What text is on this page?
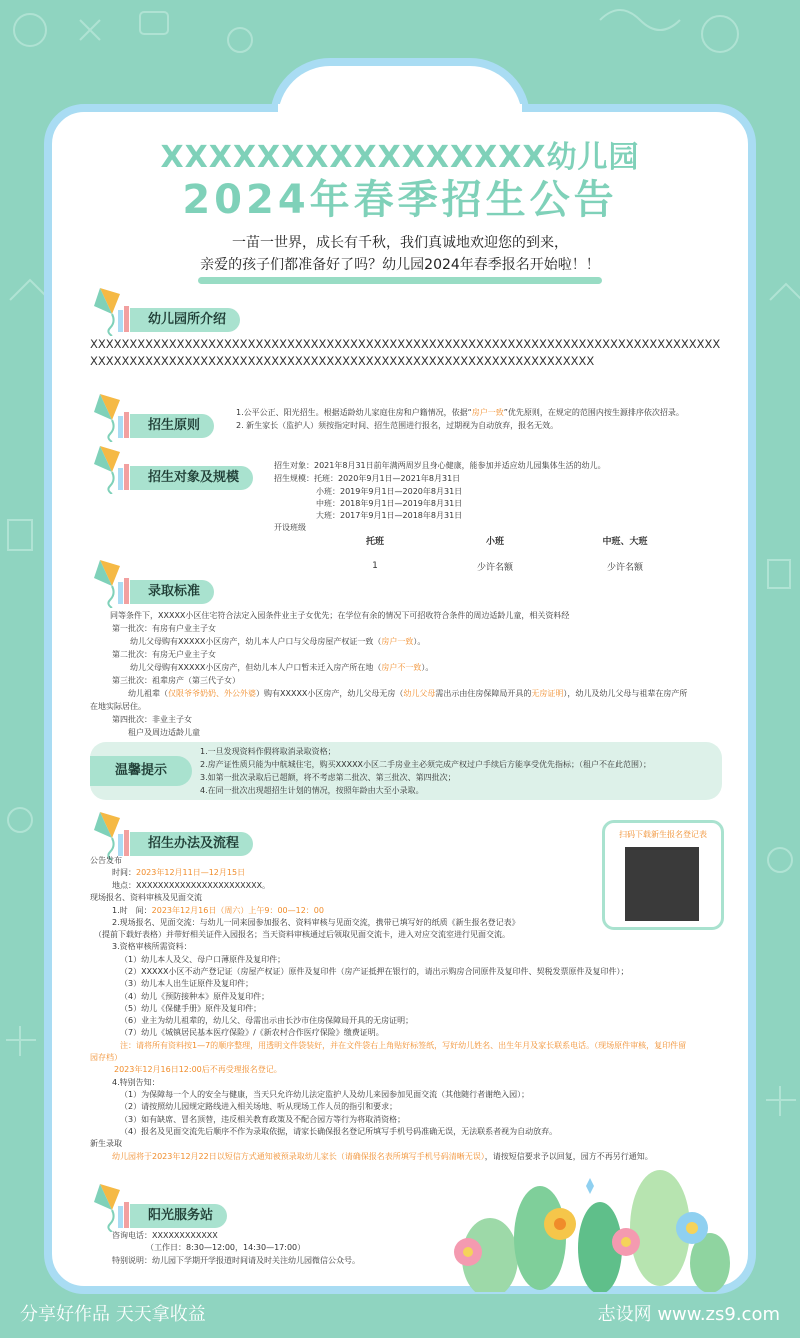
XXXXXXXXXXXXXXXX幼儿园
2024年春季招生公告
一苗一世界，成长有千秋，我们真诚地欢迎您的到来，
亲爱的孩子们都准备好了吗？幼儿园2024年春季报名开始啦！！
幼儿园所介绍
XXXXXXXXXXXXXXXXXXXXXXXXXXXXXXXXXXXXXXXXXXXXXXXXXXXXXXXXXXXXXXXXXXXXXXXXXXXXXXXXXXXXXXXXXXXXXXXXXXXXXXXXXXXXXXXXXXXXXXXXXXXXXXXXXXXXXXXXXXXXXXXX
招生原则
1.公平公正、阳光招生。根据适龄幼儿家庭住房和户籍情况，依据“房户一致”优先原则，在规定的范围内按生源排序依次招录。
2. 新生家长（监护人）须按指定时间、招生范围进行报名，过期视为自动放弃，报名无效。
招生对象及规模
招生对象：2021年8月31日前年满两周岁且身心健康，能参加并适应幼儿园集体生活的幼儿。
招生规模：托班：2020年9月1日—2021年8月31日
小班：2019年9月1日—2020年8月31日
中班：2018年9月1日—2019年8月31日
大班：2017年9月1日—2018年8月31日
开设班级
托班	小班	中班、大班
1	少许名额	少许名额
录取标准
同等条件下，XXXXX小区住宅符合法定入园条件业主子女优先；在学位有余的情况下可招收符合条件的周边适龄儿童，相关资料经
第一批次：有房有户业主子女
幼儿父母购有XXXXX小区房产，幼儿本人户口与父母房屋产权证一致（房户一致）。
第二批次：有房无户业主子女
幼儿父母购有XXXXX小区房产，但幼儿本人户口暂未迁入房产所在地（房户不一致）。
第三批次：祖辈房产（第三代子女）
幼儿祖辈（仅限爷爷奶奶、外公外婆）购有XXXXX小区房产，幼儿父母无房（幼儿父母需出示由住房保障局开具的无房证明），幼儿及幼儿父母与祖辈在房产所
在地实际居住。
第四批次：非业主子女
租户及周边适龄儿童
温馨提示
1.一旦发现资料作假将取消录取资格；
2.房产证性质只能为中航城住宅，购买XXXXX小区二手房业主必须完成产权过户手续后方能享受优先指标；（租户不在此范围）；
3.如第一批次录取后已超额，将不考虑第二批次、第三批次、第四批次；
4.在同一批次出现超招生计划的情况，按照年龄由大至小录取。
招生办法及流程
扫码下载新生报名登记表
公告发布
时间：2023年12月11日—12月15日
地点：XXXXXXXXXXXXXXXXXXXXXXX。
现场报名、资料审核及见面交流
1.时　间：2023年12月16日（周六）上午9：00—12：00
2.现场报名、见面交流：与幼儿一同来园参加报名、资料审核与见面交流，携带已填写好的纸质《新生报名登记表》
（提前下载好表格）并带好相关证件入园报名；当天资料审核通过后领取见面交流卡，进入对应交流室进行见面交流。
3.资格审核所需资料：
（1）幼儿本人及父、母户口薄原件及复印件；
（2）XXXXX小区不动产登记证（房屋产权证）原件及复印件（房产证抵押在银行的，请出示购房合同原件及复印件、契税发票原件及复印件）；
（3）幼儿本人出生证原件及复印件；
（4）幼儿《预防接种本》原件及复印件；
（5）幼儿《保健手册》原件及复印件；
（6）业主为幼儿祖辈的，幼儿父、母需出示由长沙市住房保障局开具的无房证明；
（7）幼儿《城镇居民基本医疗保险》/《新农村合作医疗保险》缴费证明。
注：请将所有资料按1—7的顺序整理，用透明文件袋装好，并在文件袋右上角贴好标签纸，写好幼儿姓名、出生年月及家长联系电话。（现场原件审核，复印件留
园存档）
2023年12月16日12:00后不再受理报名登记。
4.特别告知：
（1）为保障每一个人的安全与健康，当天只允许幼儿法定监护人及幼儿来园参加见面交流（其他随行者谢绝入园）；
（2）请按照幼儿园规定路线进入相关场地、听从现场工作人员的指引和要求；
（3）如有缺席、冒名顶替，违反相关教育政策及不配合园方等行为将取消资格；
（4）报名及见面交流先后顺序不作为录取依据，请家长确保报名登记所填写手机号码准确无误，无法联系者视为自动放弃。
新生录取
幼儿园将于2023年12月22日以短信方式通知被预录取幼儿家长（请确保报名表所填写手机号码清晰无误），请按短信要求予以回复，园方不再另行通知。
阳光服务站
咨询电话：XXXXXXXXXXXX
（工作日：8:30—12:00，14:30—17:00）
特别说明：幼儿园下学期开学报道时间请及时关注幼儿园微信公众号。
分享好作品 天天拿收益	志设网 www.zs9.com
